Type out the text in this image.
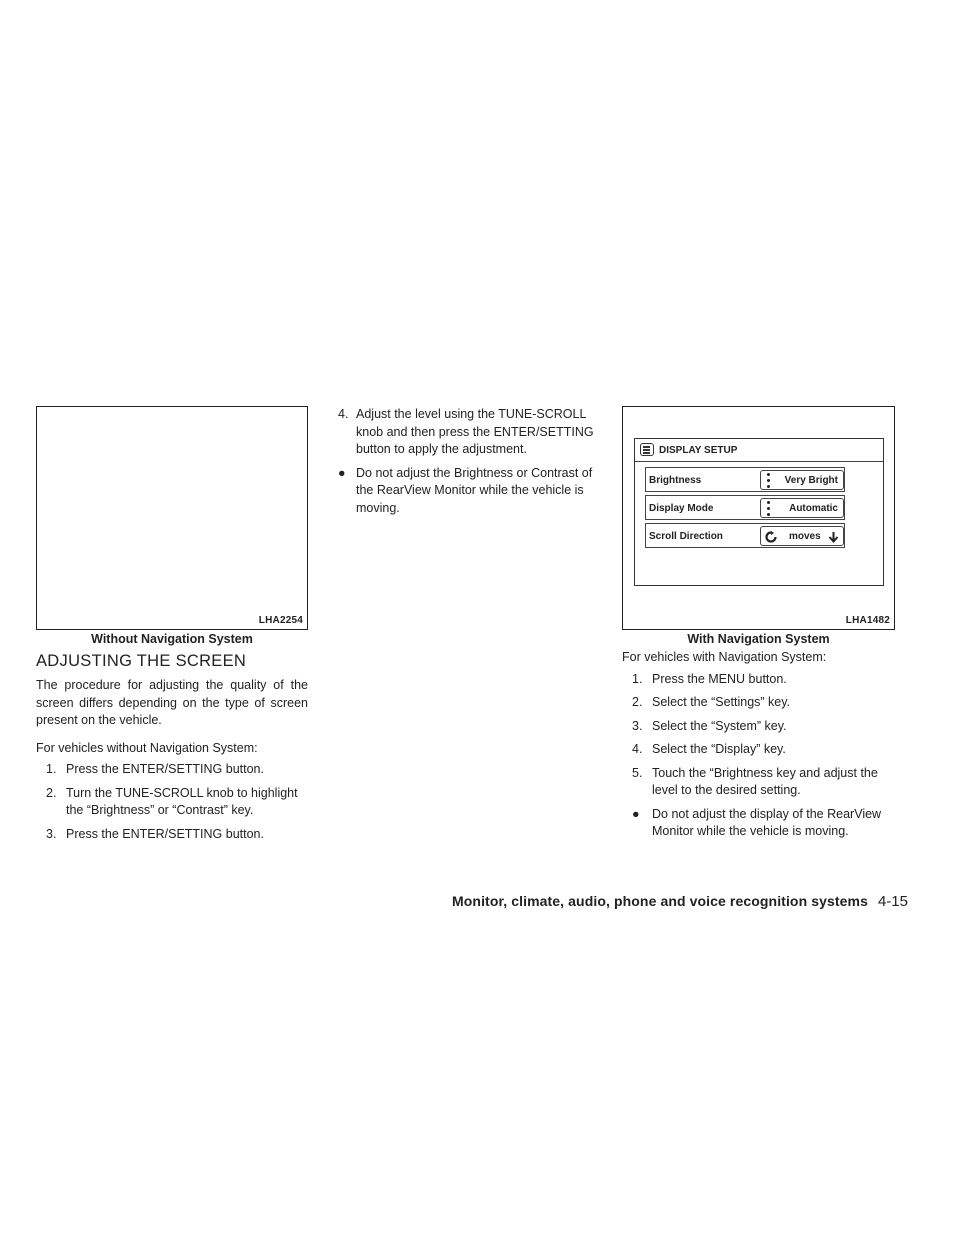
LHA2254
Without Navigation System
DISPLAY SETUP
Brightness	Very Bright
Display Mode	Automatic
Scroll Direction	moves
LHA1482
With Navigation System
ADJUSTING THE SCREEN
The procedure for adjusting the quality of the screen differs depending on the type of screen present on the vehicle.
For vehicles without Navigation System:
1. Press the ENTER/SETTING button.
2. Turn the TUNE-SCROLL knob to highlight the “Brightness” or “Contrast” key.
3. Press the ENTER/SETTING button.
4. Adjust the level using the TUNE-SCROLL knob and then press the ENTER/SETTING button to apply the adjustment.
● Do not adjust the Brightness or Contrast of the RearView Monitor while the vehicle is moving.
For vehicles with Navigation System:
1. Press the MENU button.
2. Select the “Settings” key.
3. Select the “System” key.
4. Select the “Display” key.
5. Touch the “Brightness key and adjust the level to the desired setting.
● Do not adjust the display of the RearView Monitor while the vehicle is moving.
Monitor, climate, audio, phone and voice recognition systems 4-15
